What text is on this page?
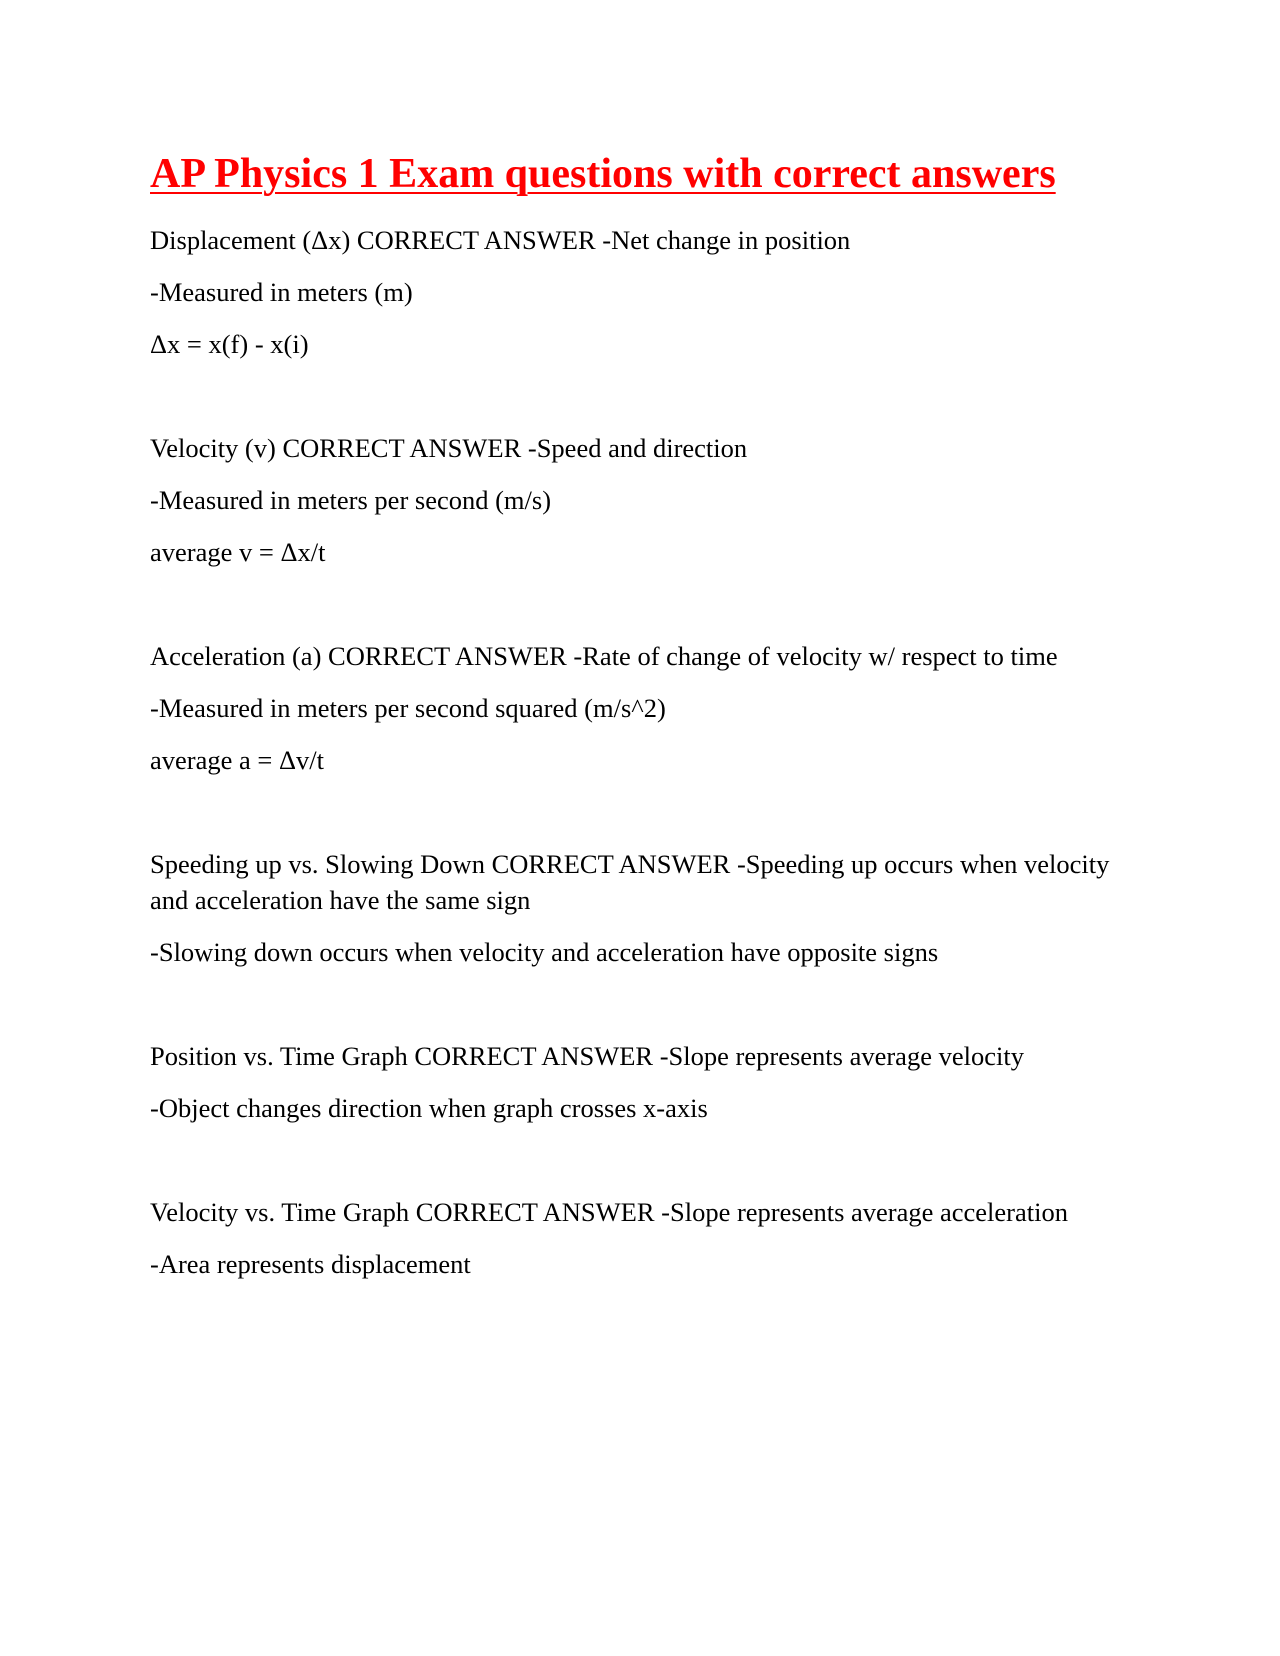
AP Physics 1 Exam questions with correct answers

Displacement (Δx) CORRECT ANSWER -Net change in position

-Measured in meters (m)

Δx = x(f) - x(i)

Velocity (v) CORRECT ANSWER -Speed and direction

-Measured in meters per second (m/s)

average v = Δx/t

Acceleration (a) CORRECT ANSWER -Rate of change of velocity w/ respect to time

-Measured in meters per second squared (m/s^2)

average a = Δv/t

Speeding up vs. Slowing Down CORRECT ANSWER -Speeding up occurs when velocity and acceleration have the same sign

-Slowing down occurs when velocity and acceleration have opposite signs

Position vs. Time Graph CORRECT ANSWER -Slope represents average velocity

-Object changes direction when graph crosses x-axis

Velocity vs. Time Graph CORRECT ANSWER -Slope represents average acceleration

-Area represents displacement
